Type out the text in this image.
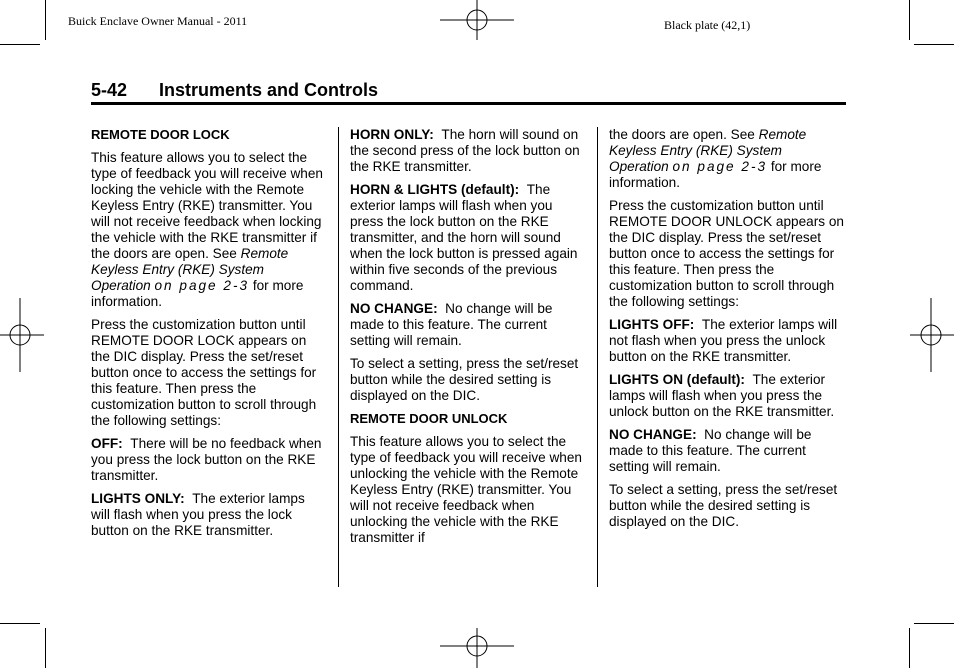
Buick Enclave Owner Manual - 2011	Black plate (42,1)
5-42 Instruments and Controls
REMOTE DOOR LOCK

This feature allows you to select the type of feedback you will receive when locking the vehicle with the Remote Keyless Entry (RKE) transmitter. You will not receive feedback when locking the vehicle with the RKE transmitter if the doors are open. See Remote Keyless Entry (RKE) System Operation on page 2-3 for more information.

Press the customization button until REMOTE DOOR LOCK appears on the DIC display. Press the set/reset button once to access the settings for this feature. Then press the customization button to scroll through the following settings:

OFF: There will be no feedback when you press the lock button on the RKE transmitter.

LIGHTS ONLY: The exterior lamps will flash when you press the lock button on the RKE transmitter.

HORN ONLY: The horn will sound on the second press of the lock button on the RKE transmitter.

HORN & LIGHTS (default): The exterior lamps will flash when you press the lock button on the RKE transmitter, and the horn will sound when the lock button is pressed again within five seconds of the previous command.

NO CHANGE: No change will be made to this feature. The current setting will remain.

To select a setting, press the set/reset button while the desired setting is displayed on the DIC.

REMOTE DOOR UNLOCK

This feature allows you to select the type of feedback you will receive when unlocking the vehicle with the Remote Keyless Entry (RKE) transmitter. You will not receive feedback when unlocking the vehicle with the RKE transmitter if

the doors are open. See Remote Keyless Entry (RKE) System Operation on page 2-3 for more information.

Press the customization button until REMOTE DOOR UNLOCK appears on the DIC display. Press the set/reset button once to access the settings for this feature. Then press the customization button to scroll through the following settings:

LIGHTS OFF: The exterior lamps will not flash when you press the unlock button on the RKE transmitter.

LIGHTS ON (default): The exterior lamps will flash when you press the unlock button on the RKE transmitter.

NO CHANGE: No change will be made to this feature. The current setting will remain.

To select a setting, press the set/reset button while the desired setting is displayed on the DIC.
